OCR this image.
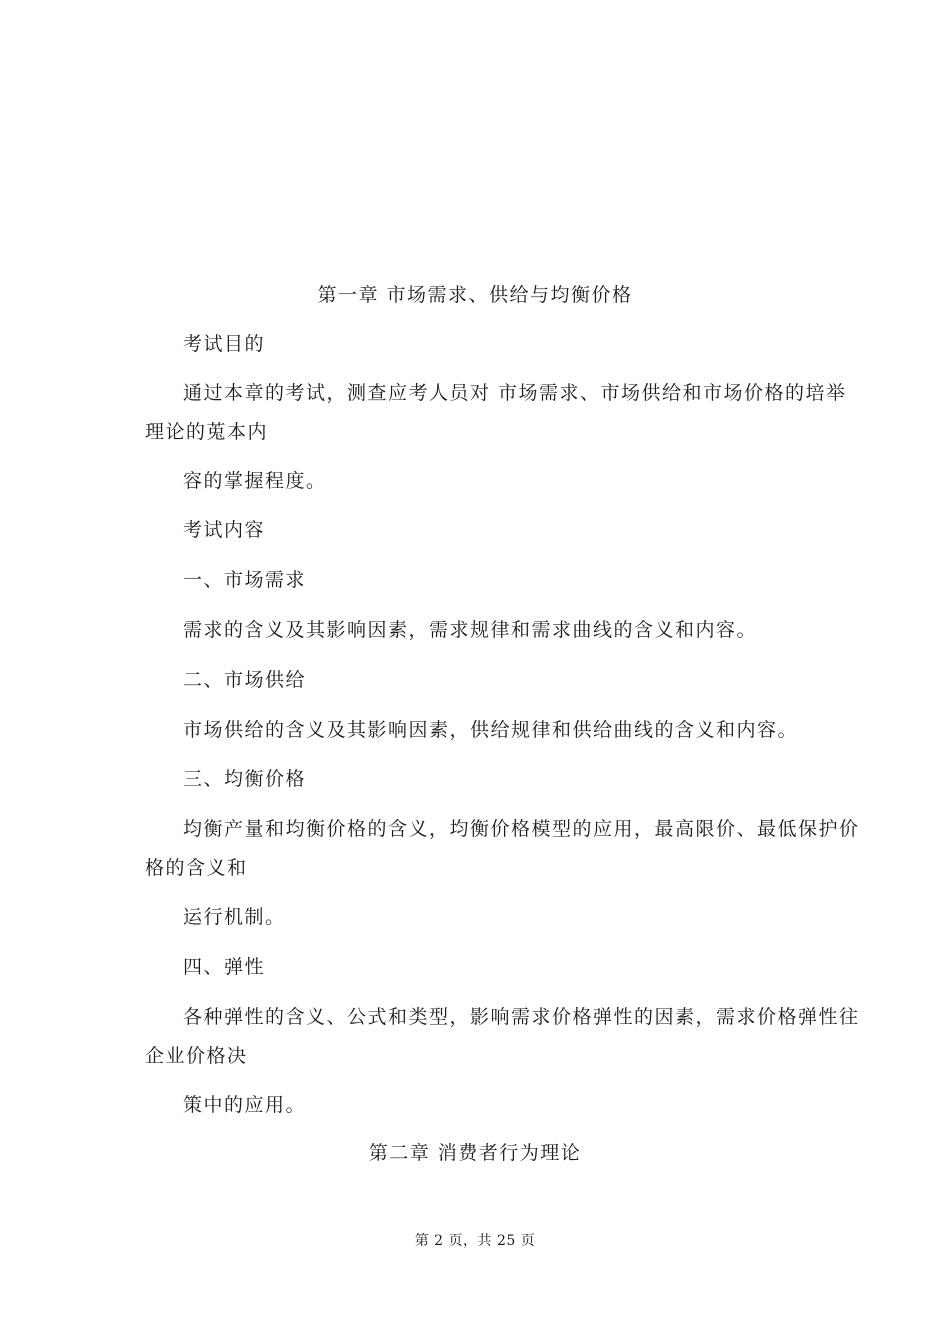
第一章 市场需求、供给与均衡价格
考试目的
通过本章的考试，测查应考人员对 市场需求、市场供给和市场价格的培举
理论的莵本内
容的掌握程度。
考试内容
一、市场需求
需求的含义及其影响因素，需求规律和需求曲线的含义和内容。
二、市场供给
市场供给的含义及其影响因素，供给规律和供给曲线的含义和内容。
三、均衡价格
均衡产量和均衡价格的含义，均衡价格模型的应用，最高限价、最低保护价
格的含义和
运行机制。
四、弹性
各种弹性的含义、公式和类型，影响需求价格弹性的因素，需求价格弹性往
企业价格决
策中的应用。
第二章 消费者行为理论
第 2 页，共 25 页
